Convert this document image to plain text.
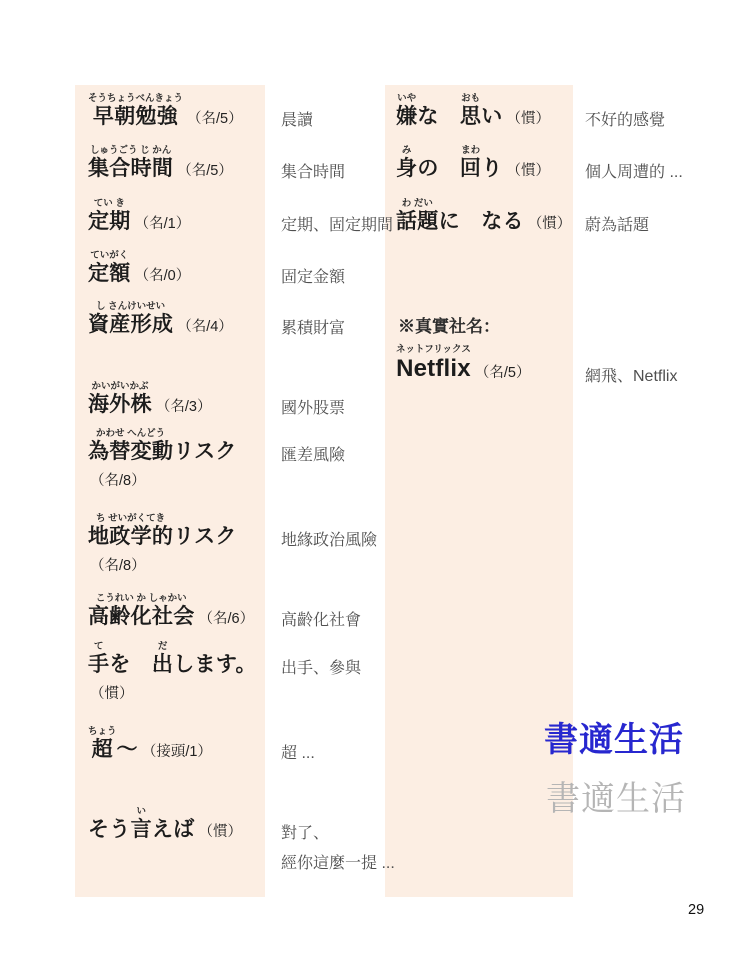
そうちょうべんきょう
早朝勉強 （名/5）
しゅうごう じ かん
集合時間 （名/5）
てい き
定期 （名/1）
ていがく
定額 （名/0）
し さんけいせい
資産形成 （名/4）
かいがいかぶ
海外株 （名/3）
かわせ へんどう
為替変動 リスク
（名/8）
ち せいがくてき
地政学的 リスク
（名/8）
こうれい か しゃかい
高齢化社会 （名/6）
て
手 を　
だ
出 します。
（慣）
ちょう
超 〜 （接頭/1）
そう
い
言 えば （慣）
晨讀
集合時間
定期、固定期間
固定金額
累積財富
國外股票
匯差風險
地緣政治風險
高齡化社會
出手、參與
超 ...
對了、
經你這麼一提 ...
いや
嫌 な　
おも
思 い （慣）
み
身 の　
まわ
回 り （慣）
わ だい
話題 に　なる （慣）
※真實社名：
ネットフリックス
Netflix （名/5）
不好的感覺
個人周遭的 ...
蔚為話題
網飛、Netflix
書適生活
書適生活
29
